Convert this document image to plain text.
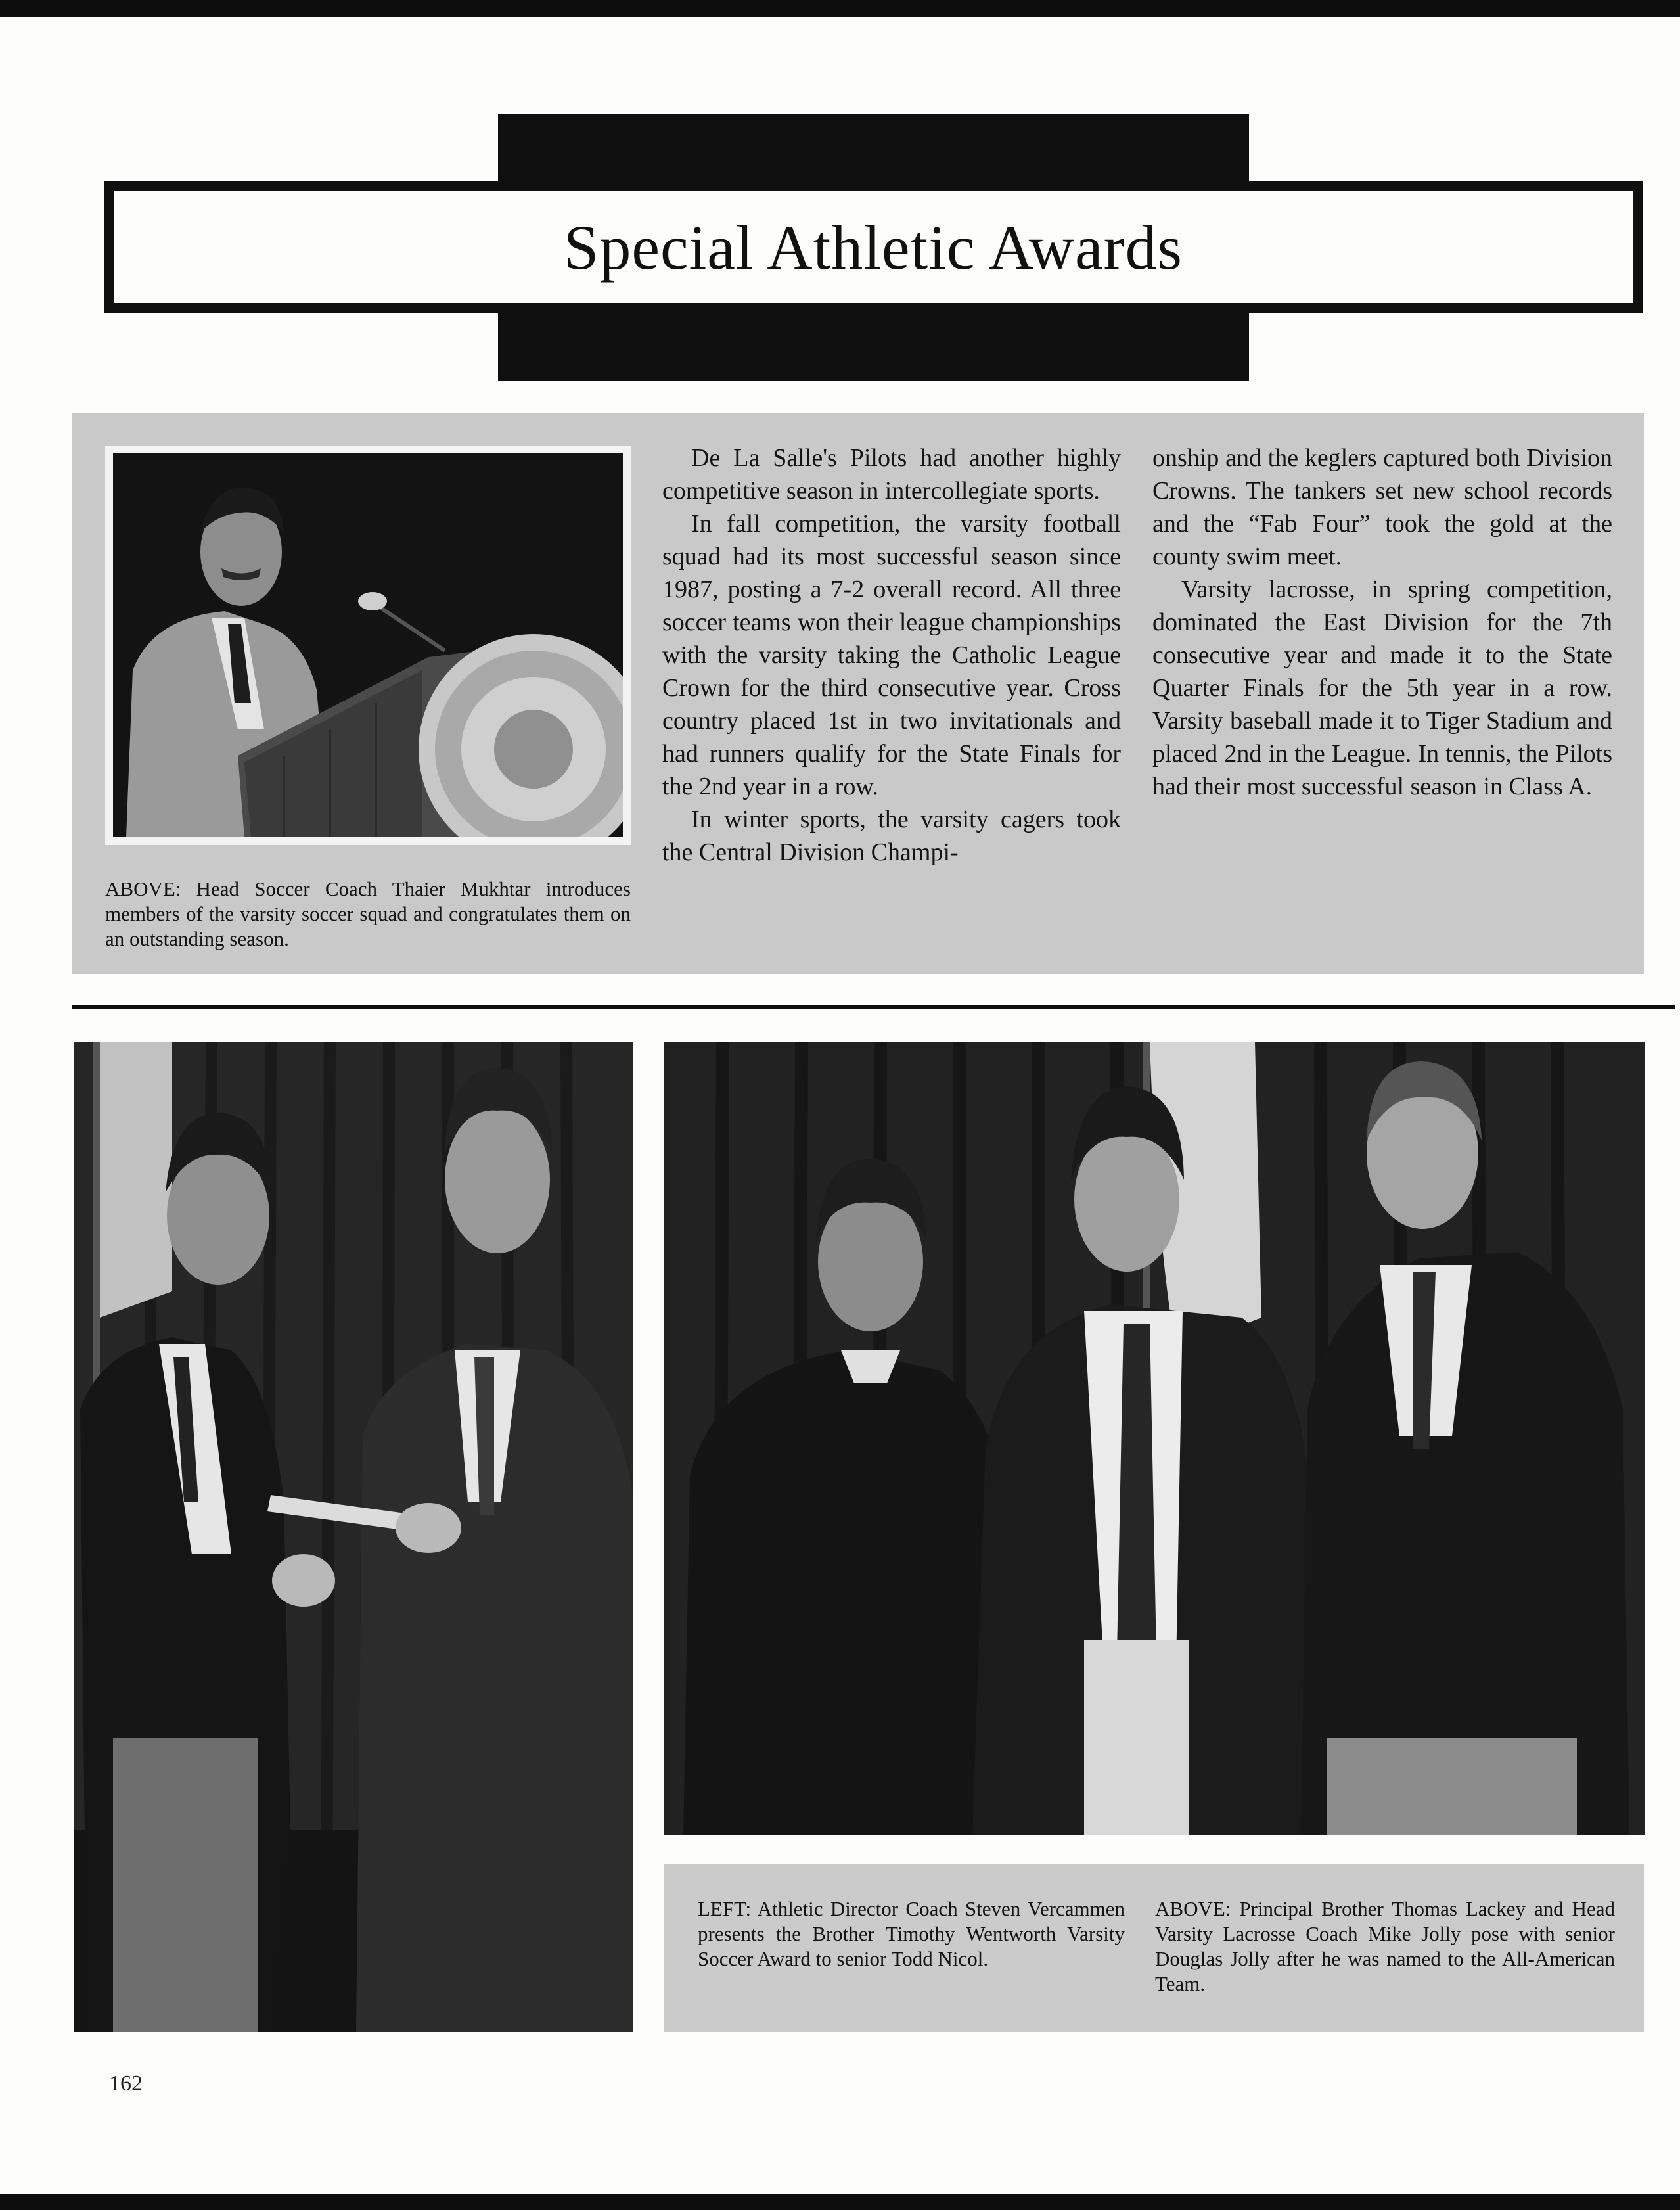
Special Athletic Awards

ABOVE: Head Soccer Coach Thaier Mukhtar introduces members of the varsity soccer squad and congratulates them on an outstanding season.

De La Salle's Pilots had another highly competitive season in intercollegiate sports.

In fall competition, the varsity football squad had its most successful season since 1987, posting a 7-2 overall record. All three soccer teams won their league championships with the varsity taking the Catholic League Crown for the third consecutive year. Cross country placed 1st in two invitationals and had runners qualify for the State Finals for the 2nd year in a row.

In winter sports, the varsity cagers took the Central Division Champi-

onship and the keglers captured both Division Crowns. The tankers set new school records and the “Fab Four” took the gold at the county swim meet.

Varsity lacrosse, in spring competition, dominated the East Division for the 7th consecutive year and made it to the State Quarter Finals for the 5th year in a row. Varsity baseball made it to Tiger Stadium and placed 2nd in the League. In tennis, the Pilots had their most successful season in Class A.

LEFT: Athletic Director Coach Steven Vercammen presents the Brother Timothy Wentworth Varsity Soccer Award to senior Todd Nicol.

ABOVE: Principal Brother Thomas Lackey and Head Varsity Lacrosse Coach Mike Jolly pose with senior Douglas Jolly after he was named to the All-American Team.

162
